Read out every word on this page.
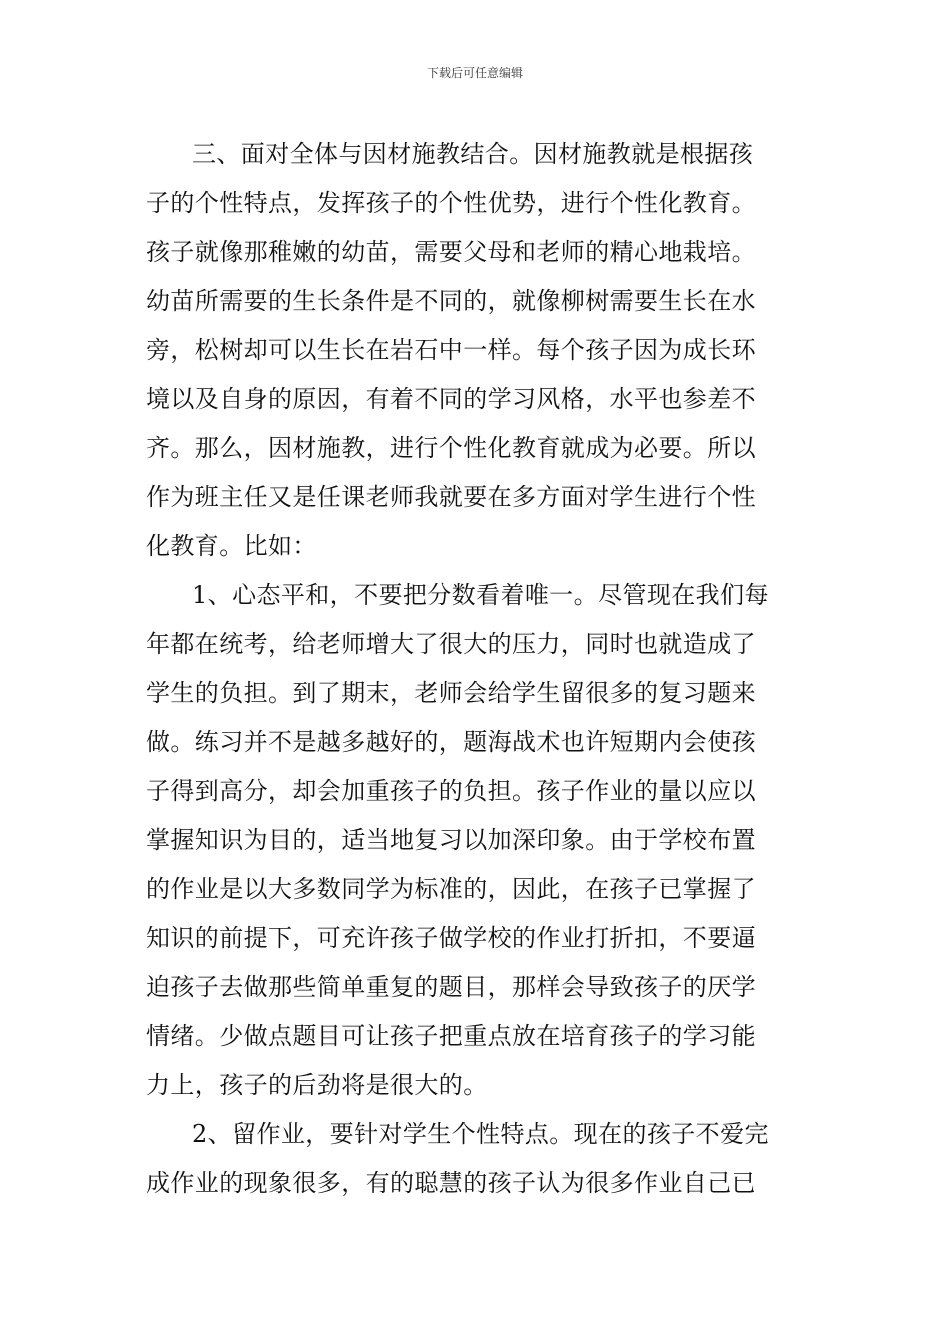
下载后可任意编辑
三、面对全体与因材施教结合。因材施教就是根据孩
子的个性特点，发挥孩子的个性优势，进行个性化教育。
孩子就像那稚嫩的幼苗，需要父母和老师的精心地栽培。
幼苗所需要的生长条件是不同的，就像柳树需要生长在水
旁，松树却可以生长在岩石中一样。每个孩子因为成长环
境以及自身的原因，有着不同的学习风格，水平也参差不
齐。那么，因材施教，进行个性化教育就成为必要。所以
作为班主任又是任课老师我就要在多方面对学生进行个性
化教育。比如：
1、心态平和，不要把分数看着唯一。尽管现在我们每
年都在统考，给老师增大了很大的压力，同时也就造成了
学生的负担。到了期末，老师会给学生留很多的复习题来
做。练习并不是越多越好的，题海战术也许短期内会使孩
子得到高分，却会加重孩子的负担。孩子作业的量以应以
掌握知识为目的，适当地复习以加深印象。由于学校布置
的作业是以大多数同学为标准的，因此，在孩子已掌握了
知识的前提下，可充许孩子做学校的作业打折扣，不要逼
迫孩子去做那些简单重复的题目，那样会导致孩子的厌学
情绪。少做点题目可让孩子把重点放在培育孩子的学习能
力上，孩子的后劲将是很大的。
2、留作业，要针对学生个性特点。现在的孩子不爱完
成作业的现象很多，有的聪慧的孩子认为很多作业自己已
